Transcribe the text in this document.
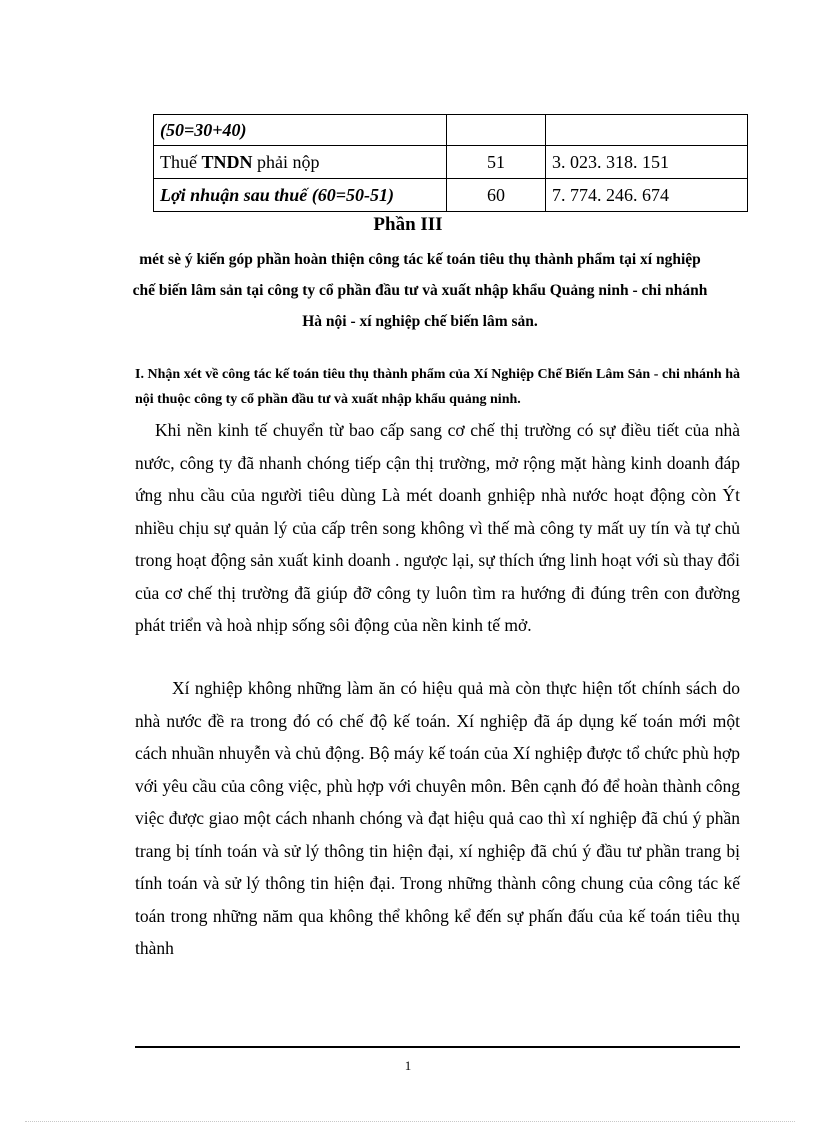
(50=30+40)		
Thuế TNDN phải nộp	51	3. 023. 318. 151
Lợi nhuận sau thuế (60=50-51)	60	7. 774. 246. 674
Phần III
mét sè ý kiến góp phần hoàn thiện công tác kế toán tiêu thụ thành phẩm tại xí nghiệp chế biến lâm sản tại công ty cổ phần đầu tư và xuất nhập khẩu Quảng ninh - chi nhánh Hà nội - xí nghiệp chế biến lâm sản.
I. Nhận xét về công tác kế toán tiêu thụ thành phẩm của Xí Nghiệp Chế Biến Lâm Sản - chi nhánh hà nội thuộc công ty cổ phần đầu tư và xuất nhập khẩu quảng ninh.
Khi nền kinh tế chuyển từ bao cấp sang cơ chế thị trường có sự điều tiết của nhà nước, công ty đã nhanh chóng tiếp cận thị trường, mở rộng mặt hàng kinh doanh đáp ứng nhu cầu của người tiêu dùng Là mét doanh gnhiệp nhà nước hoạt động còn Ýt nhiều chịu sự quản lý của cấp trên song không vì thế mà công ty mất uy tín và tự chủ trong hoạt động sản xuất kinh doanh . ngược lại, sự thích ứng linh hoạt với sù thay đổi của cơ chế thị trường đã giúp đỡ công ty luôn tìm ra hướng đi đúng trên con đường phát triển và hoà nhịp sống sôi động của nền kinh tế mở.
Xí nghiệp không những làm ăn có hiệu quả mà còn thực hiện tốt chính sách do nhà nước đề ra trong đó có chế độ kế toán. Xí nghiệp đã áp dụng kế toán mới một cách nhuần nhuyễn và chủ động. Bộ máy kế toán của Xí nghiệp được tổ chức phù hợp với yêu cầu của công việc, phù hợp với chuyên môn. Bên cạnh đó để hoàn thành công việc được giao một cách nhanh chóng và đạt hiệu quả cao thì xí nghiệp đã chú ý phần trang bị tính toán và sử lý thông tin hiện đại, xí nghiệp đã chú ý đầu tư phần trang bị tính toán và sử lý thông tin hiện đại. Trong những thành công chung của công tác kế toán trong những năm qua không thể không kể đến sự phấn đấu của kế toán tiêu thụ thành
1
